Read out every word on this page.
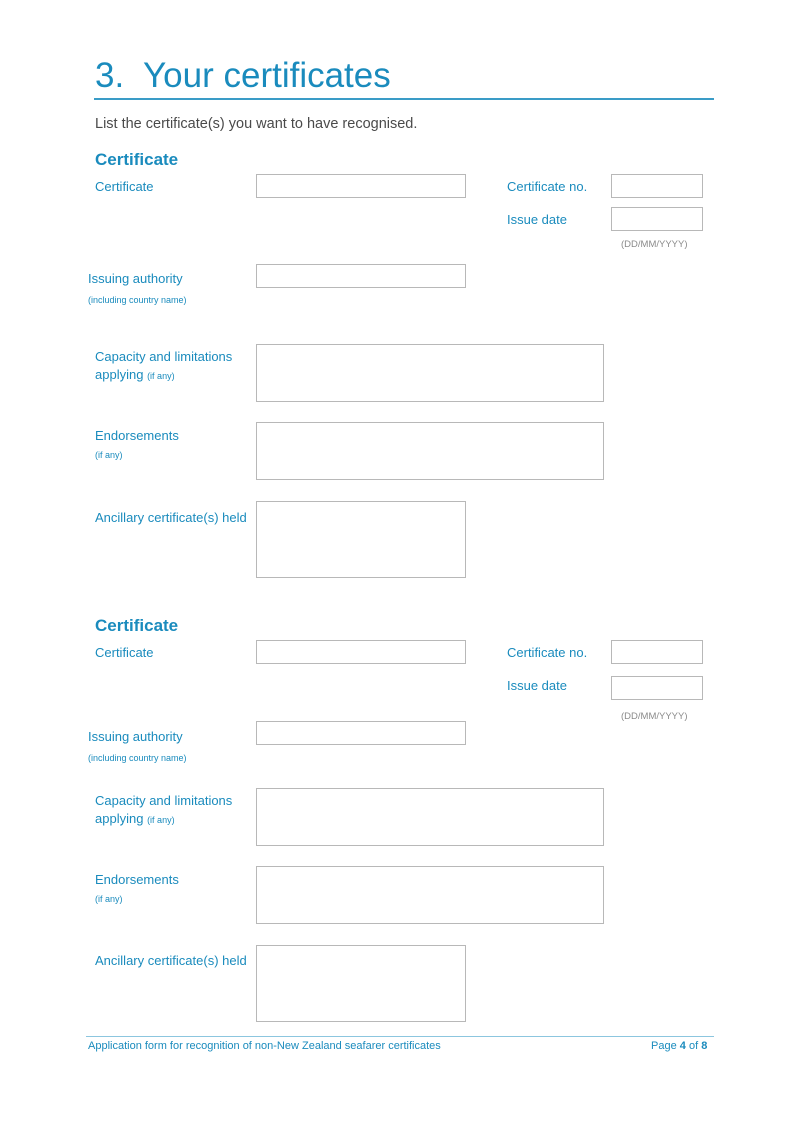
3. Your certificates
List the certificate(s) you want to have recognised.
Certificate
Certificate	Certificate no.
Issue date
(DD/MM/YYYY)
Issuing authority
(including country name)
Capacity and limitations
applying (if any)
Endorsements
(if any)
Ancillary certificate(s) held
Certificate
Certificate	Certificate no.
Issue date
(DD/MM/YYYY)
Issuing authority
(including country name)
Capacity and limitations
applying (if any)
Endorsements
(if any)
Ancillary certificate(s) held
Application form for recognition of non-New Zealand seafarer certificates	Page 4 of 8
